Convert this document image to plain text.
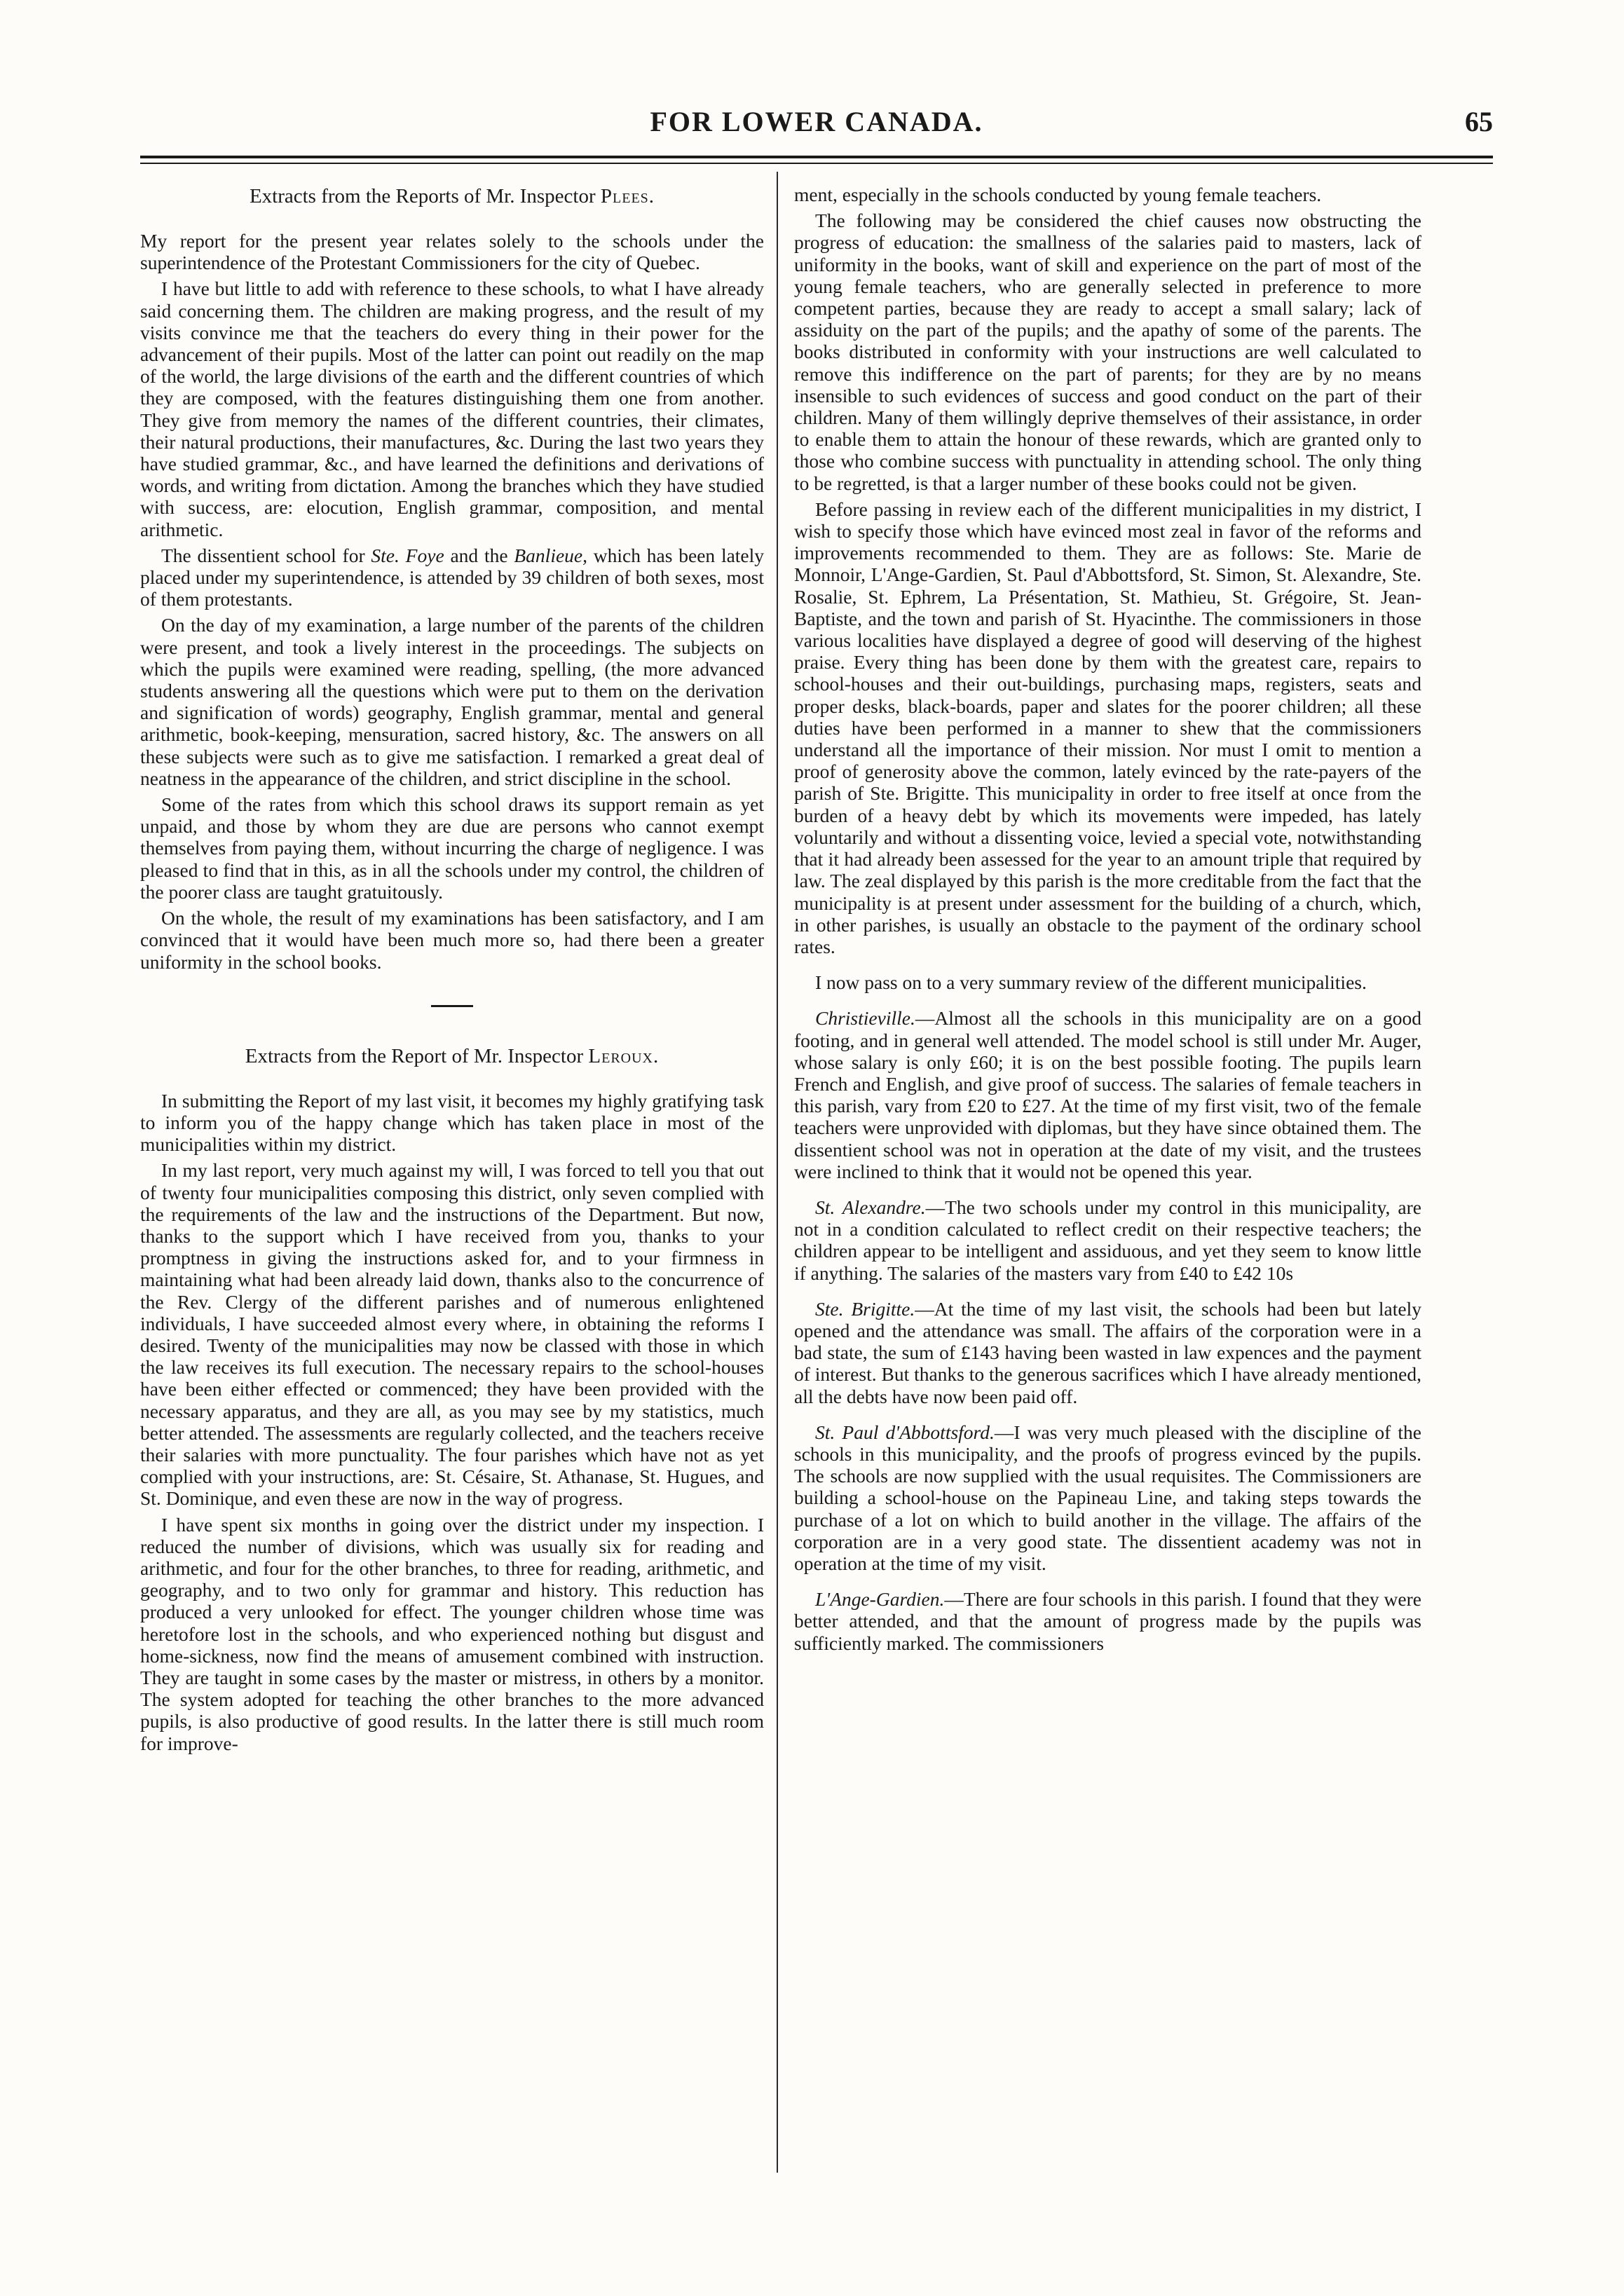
FOR LOWER CANADA.	65
Extracts from the Reports of Mr. Inspector Plees.

My report for the present year relates solely to the schools under the superintendence of the Protestant Commissioners for the city of Quebec.

I have but little to add with reference to these schools, to what I have already said concerning them. The children are making progress, and the result of my visits convince me that the teachers do every thing in their power for the advancement of their pupils. Most of the latter can point out readily on the map of the world, the large divisions of the earth and the different countries of which they are composed, with the features distinguishing them one from another. They give from memory the names of the different countries, their climates, their natural productions, their manufactures, &c. During the last two years they have studied grammar, &c., and have learned the definitions and derivations of words, and writing from dictation. Among the branches which they have studied with success, are: elocution, English grammar, composition, and mental arithmetic.

The dissentient school for Ste. Foye and the Banlieue, which has been lately placed under my superintendence, is attended by 39 children of both sexes, most of them protestants.

On the day of my examination, a large number of the parents of the children were present, and took a lively interest in the proceedings. The subjects on which the pupils were examined were reading, spelling, (the more advanced students answering all the questions which were put to them on the derivation and signification of words) geography, English grammar, mental and general arithmetic, book-keeping, mensuration, sacred history, &c. The answers on all these subjects were such as to give me satisfaction. I remarked a great deal of neatness in the appearance of the children, and strict discipline in the school.

Some of the rates from which this school draws its support remain as yet unpaid, and those by whom they are due are persons who cannot exempt themselves from paying them, without incurring the charge of negligence. I was pleased to find that in this, as in all the schools under my control, the children of the poorer class are taught gratuitously.

On the whole, the result of my examinations has been satisfactory, and I am convinced that it would have been much more so, had there been a greater uniformity in the school books.

Extracts from the Report of Mr. Inspector Leroux.

In submitting the Report of my last visit, it becomes my highly gratifying task to inform you of the happy change which has taken place in most of the municipalities within my district.

In my last report, very much against my will, I was forced to tell you that out of twenty four municipalities composing this district, only seven complied with the requirements of the law and the instructions of the Department. But now, thanks to the support which I have received from you, thanks to your promptness in giving the instructions asked for, and to your firmness in maintaining what had been already laid down, thanks also to the concurrence of the Rev. Clergy of the different parishes and of numerous enlightened individuals, I have succeeded almost every where, in obtaining the reforms I desired. Twenty of the municipalities may now be classed with those in which the law receives its full execution. The necessary repairs to the school-houses have been either effected or commenced; they have been provided with the necessary apparatus, and they are all, as you may see by my statistics, much better attended. The assessments are regularly collected, and the teachers receive their salaries with more punctuality. The four parishes which have not as yet complied with your instructions, are: St. Césaire, St. Athanase, St. Hugues, and St. Dominique, and even these are now in the way of progress.

I have spent six months in going over the district under my inspection. I reduced the number of divisions, which was usually six for reading and arithmetic, and four for the other branches, to three for reading, arithmetic, and geography, and to two only for grammar and history. This reduction has produced a very unlooked for effect. The younger children whose time was heretofore lost in the schools, and who experienced nothing but disgust and home-sickness, now find the means of amusement combined with instruction. They are taught in some cases by the master or mistress, in others by a monitor. The system adopted for teaching the other branches to the more advanced pupils, is also productive of good results. In the latter there is still much room for improve-

ment, especially in the schools conducted by young female teachers.

The following may be considered the chief causes now obstructing the progress of education: the smallness of the salaries paid to masters, lack of uniformity in the books, want of skill and experience on the part of most of the young female teachers, who are generally selected in preference to more competent parties, because they are ready to accept a small salary; lack of assiduity on the part of the pupils; and the apathy of some of the parents. The books distributed in conformity with your instructions are well calculated to remove this indifference on the part of parents; for they are by no means insensible to such evidences of success and good conduct on the part of their children. Many of them willingly deprive themselves of their assistance, in order to enable them to attain the honour of these rewards, which are granted only to those who combine success with punctuality in attending school. The only thing to be regretted, is that a larger number of these books could not be given.

Before passing in review each of the different municipalities in my district, I wish to specify those which have evinced most zeal in favor of the reforms and improvements recommended to them. They are as follows: Ste. Marie de Monnoir, L'Ange-Gardien, St. Paul d'Abbottsford, St. Simon, St. Alexandre, Ste. Rosalie, St. Ephrem, La Présentation, St. Mathieu, St. Grégoire, St. Jean-Baptiste, and the town and parish of St. Hyacinthe. The commissioners in those various localities have displayed a degree of good will deserving of the highest praise. Every thing has been done by them with the greatest care, repairs to school-houses and their out-buildings, purchasing maps, registers, seats and proper desks, black-boards, paper and slates for the poorer children; all these duties have been performed in a manner to shew that the commissioners understand all the importance of their mission. Nor must I omit to mention a proof of generosity above the common, lately evinced by the rate-payers of the parish of Ste. Brigitte. This municipality in order to free itself at once from the burden of a heavy debt by which its movements were impeded, has lately voluntarily and without a dissenting voice, levied a special vote, notwithstanding that it had already been assessed for the year to an amount triple that required by law. The zeal displayed by this parish is the more creditable from the fact that the municipality is at present under assessment for the building of a church, which, in other parishes, is usually an obstacle to the payment of the ordinary school rates.

I now pass on to a very summary review of the different municipalities.

Christieville.—Almost all the schools in this municipality are on a good footing, and in general well attended. The model school is still under Mr. Auger, whose salary is only £60; it is on the best possible footing. The pupils learn French and English, and give proof of success. The salaries of female teachers in this parish, vary from £20 to £27. At the time of my first visit, two of the female teachers were unprovided with diplomas, but they have since obtained them. The dissentient school was not in operation at the date of my visit, and the trustees were inclined to think that it would not be opened this year.

St. Alexandre.—The two schools under my control in this municipality, are not in a condition calculated to reflect credit on their respective teachers; the children appear to be intelligent and assiduous, and yet they seem to know little if anything. The salaries of the masters vary from £40 to £42 10s

Ste. Brigitte.—At the time of my last visit, the schools had been but lately opened and the attendance was small. The affairs of the corporation were in a bad state, the sum of £143 having been wasted in law expences and the payment of interest. But thanks to the generous sacrifices which I have already mentioned, all the debts have now been paid off.

St. Paul d'Abbottsford.—I was very much pleased with the discipline of the schools in this municipality, and the proofs of progress evinced by the pupils. The schools are now supplied with the usual requisites. The Commissioners are building a school-house on the Papineau Line, and taking steps towards the purchase of a lot on which to build another in the village. The affairs of the corporation are in a very good state. The dissentient academy was not in operation at the time of my visit.

L'Ange-Gardien.—There are four schools in this parish. I found that they were better attended, and that the amount of progress made by the pupils was sufficiently marked. The commissioners
